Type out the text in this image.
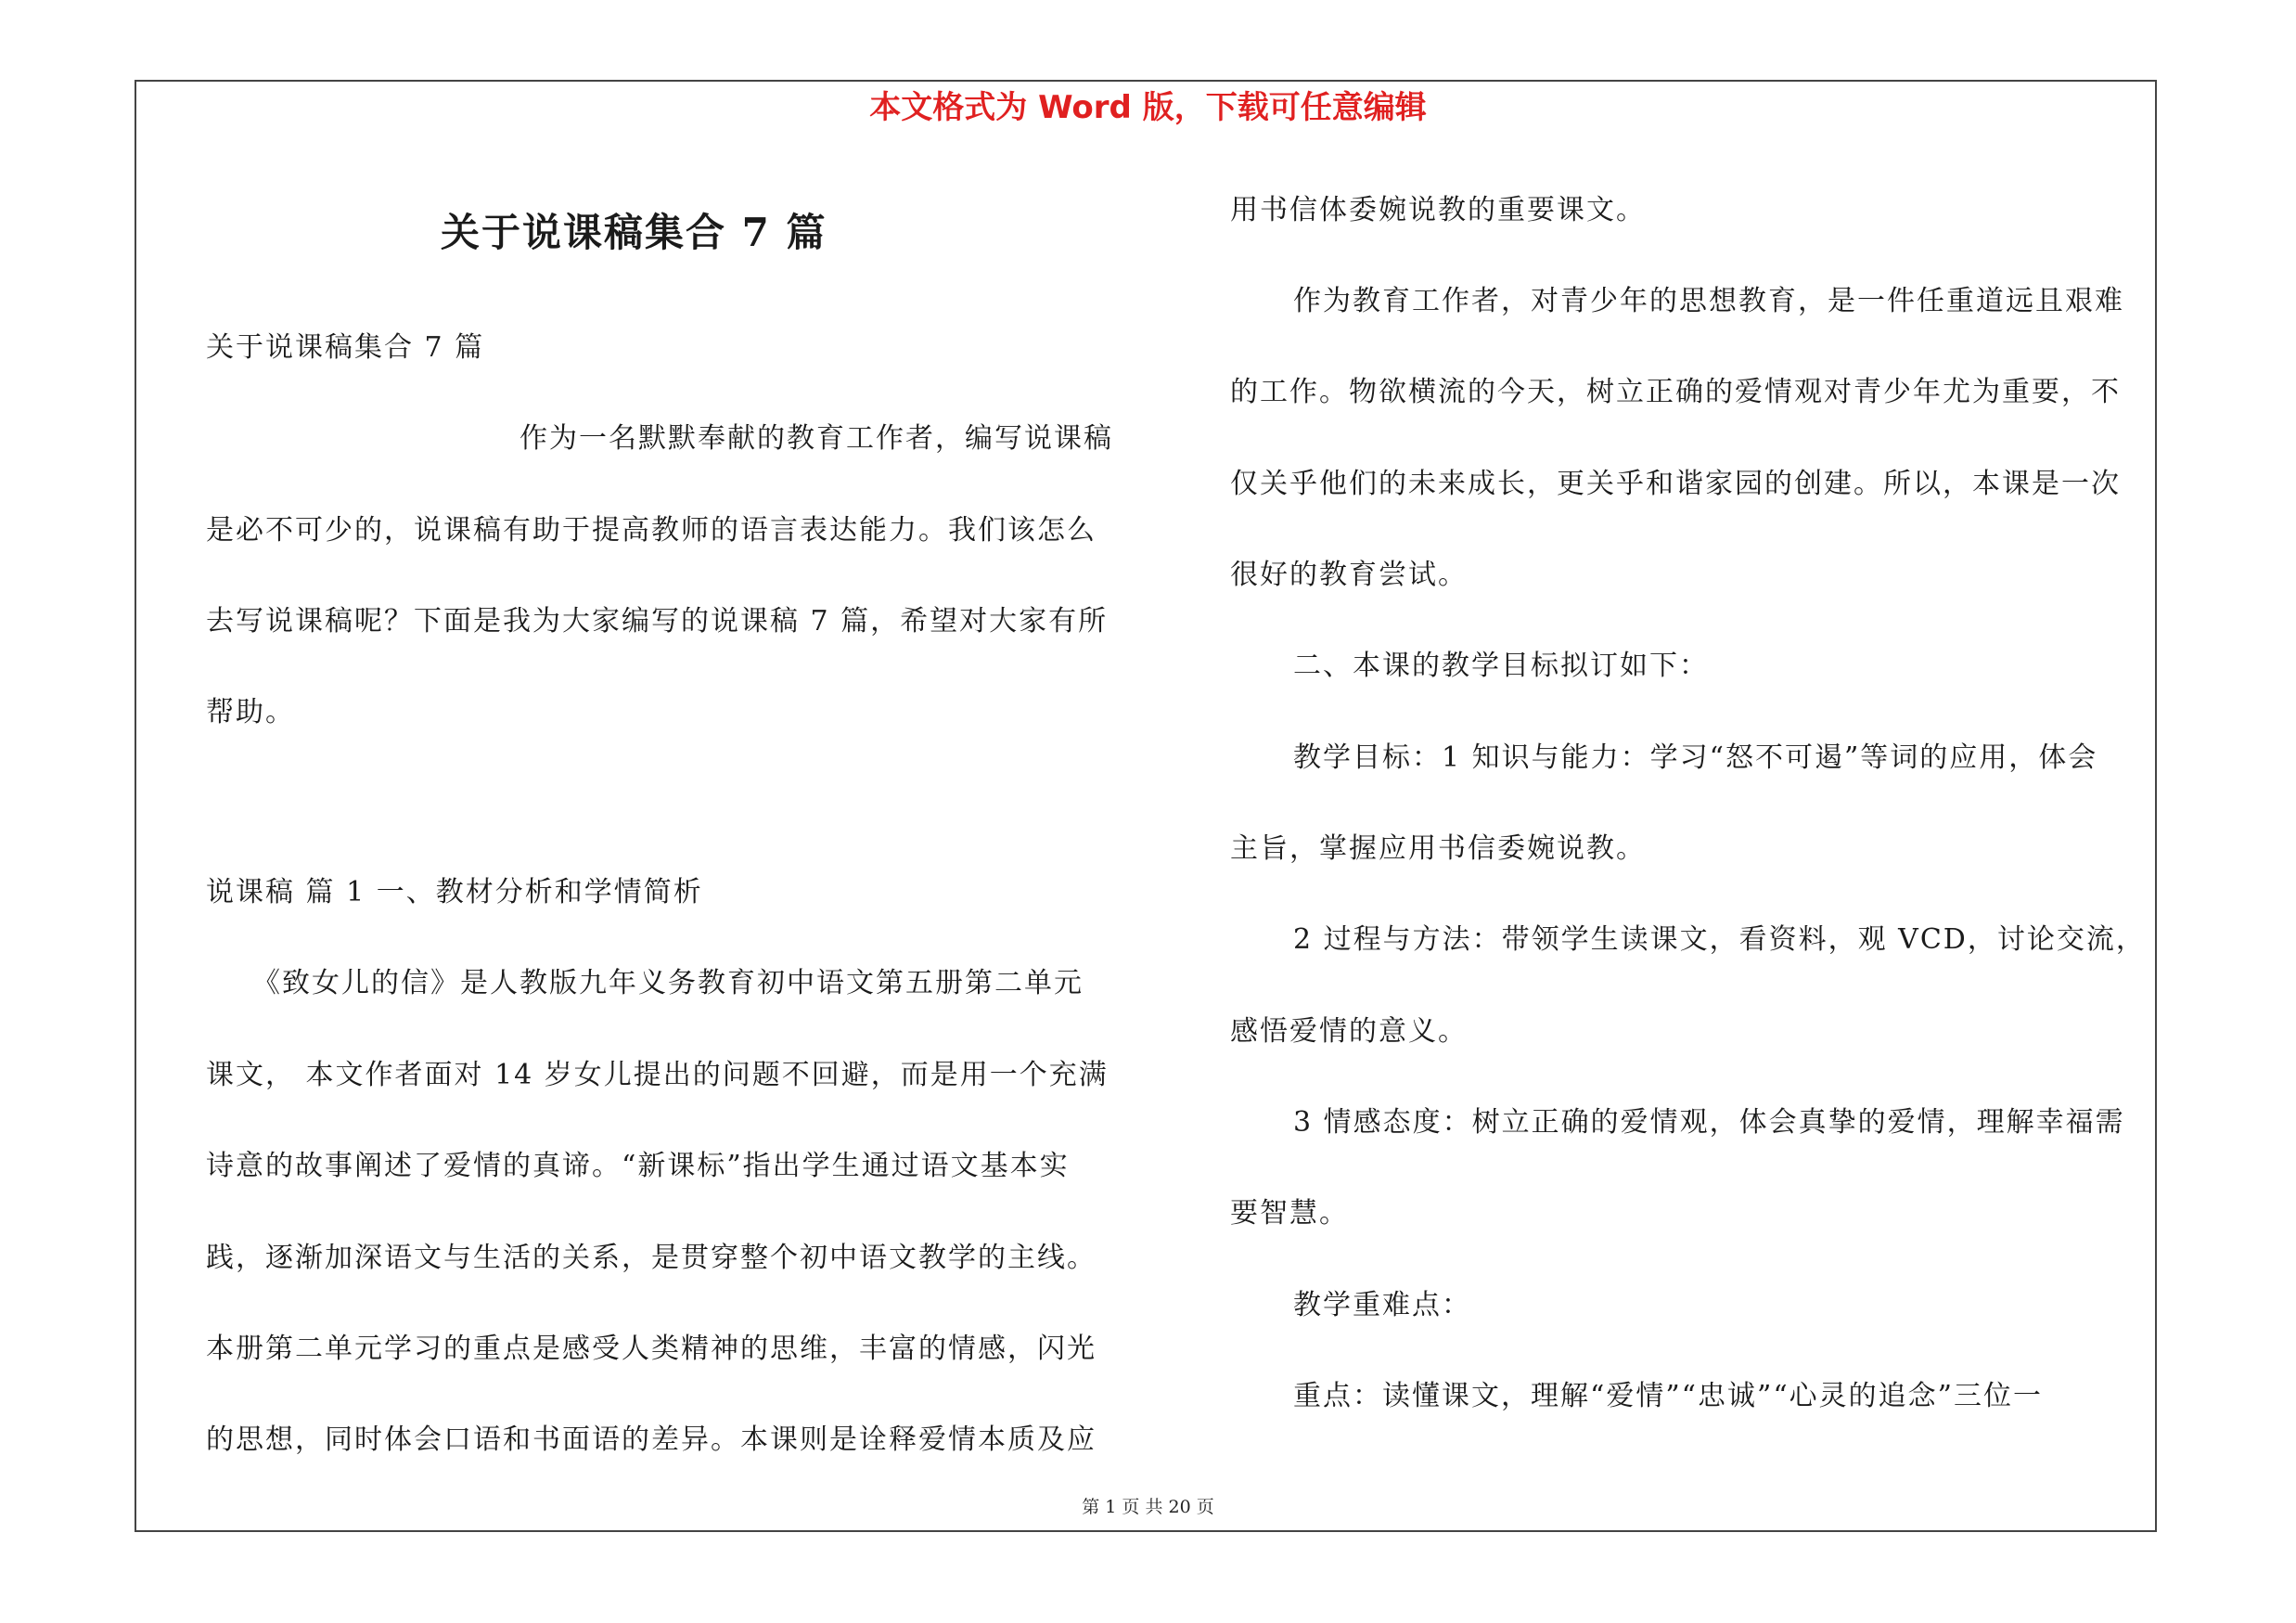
本文格式为 Word 版，下载可任意编辑
关于说课稿集合 7 篇
关于说课稿集合 7 篇
作为一名默默奉献的教育工作者，编写说课稿
是必不可少的，说课稿有助于提高教师的语言表达能力。我们该怎么
去写说课稿呢？下面是我为大家编写的说课稿 7 篇，希望对大家有所
帮助。
说课稿 篇 1 一、教材分析和学情简析
《致女儿的信》是人教版九年义务教育初中语文第五册第二单元
课文， 本文作者面对 14 岁女儿提出的问题不回避，而是用一个充满
诗意的故事阐述了爱情的真谛。“新课标”指出学生通过语文基本实
践，逐渐加深语文与生活的关系，是贯穿整个初中语文教学的主线。
本册第二单元学习的重点是感受人类精神的思维，丰富的情感，闪光
的思想，同时体会口语和书面语的差异。本课则是诠释爱情本质及应
用书信体委婉说教的重要课文。
作为教育工作者，对青少年的思想教育，是一件任重道远且艰难
的工作。物欲横流的今天，树立正确的爱情观对青少年尤为重要，不
仅关乎他们的未来成长，更关乎和谐家园的创建。所以，本课是一次
很好的教育尝试。
二、本课的教学目标拟订如下：
教学目标：1 知识与能力：学习“怒不可遏”等词的应用，体会
主旨，掌握应用书信委婉说教。
2 过程与方法：带领学生读课文，看资料，观 VCD，讨论交流，
感悟爱情的意义。
3 情感态度：树立正确的爱情观，体会真挚的爱情，理解幸福需
要智慧。
教学重难点：
重点：读懂课文，理解“爱情”“忠诚”“心灵的追念”三位一
第 1 页 共 20 页
